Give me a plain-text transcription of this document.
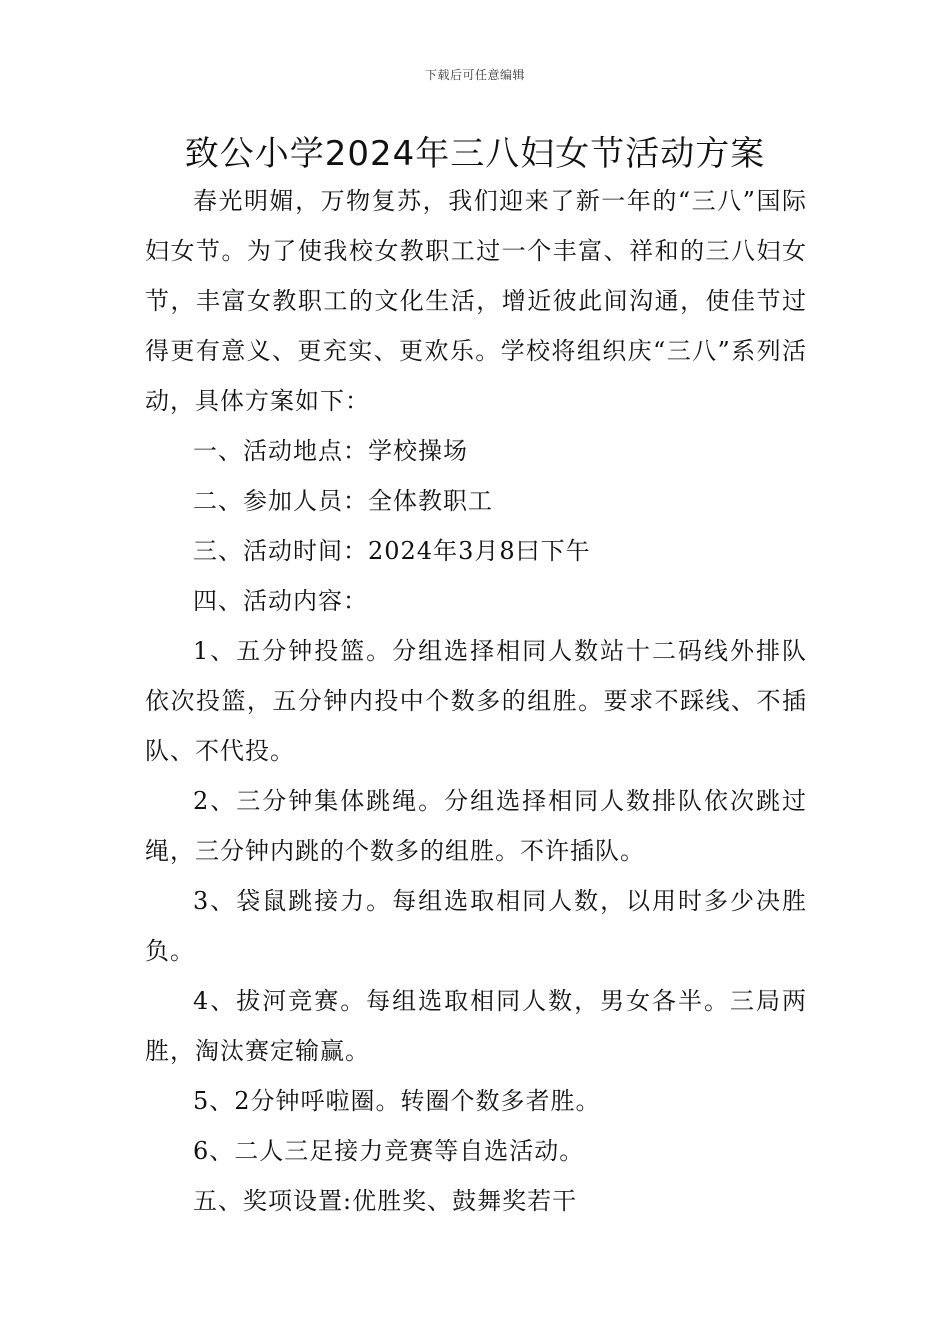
下载后可任意编辑
致公小学2024年三八妇女节活动方案

春光明媚，万物复苏，我们迎来了新一年的“三八”国际妇女节。为了使我校女教职工过一个丰富、祥和的三八妇女节，丰富女教职工的文化生活，增近彼此间沟通，使佳节过得更有意义、更充实、更欢乐。学校将组织庆“三八”系列活动，具体方案如下：

一、活动地点：学校操场

二、参加人员：全体教职工

三、活动时间：2024年3月8曰下午

四、活动内容：

1、五分钟投篮。分组选择相同人数站十二码线外排队依次投篮，五分钟内投中个数多的组胜。要求不踩线、不插队、不代投。

2、三分钟集体跳绳。分组选择相同人数排队依次跳过绳，三分钟内跳的个数多的组胜。不许插队。

3、袋鼠跳接力。每组选取相同人数，以用时多少决胜负。

4、拔河竞赛。每组选取相同人数，男女各半。三局两胜，淘汰赛定输赢。

5、2分钟呼啦圈。转圈个数多者胜。

6、二人三足接力竞赛等自选活动。

五、奖项设置:优胜奖、鼓舞奖若干
